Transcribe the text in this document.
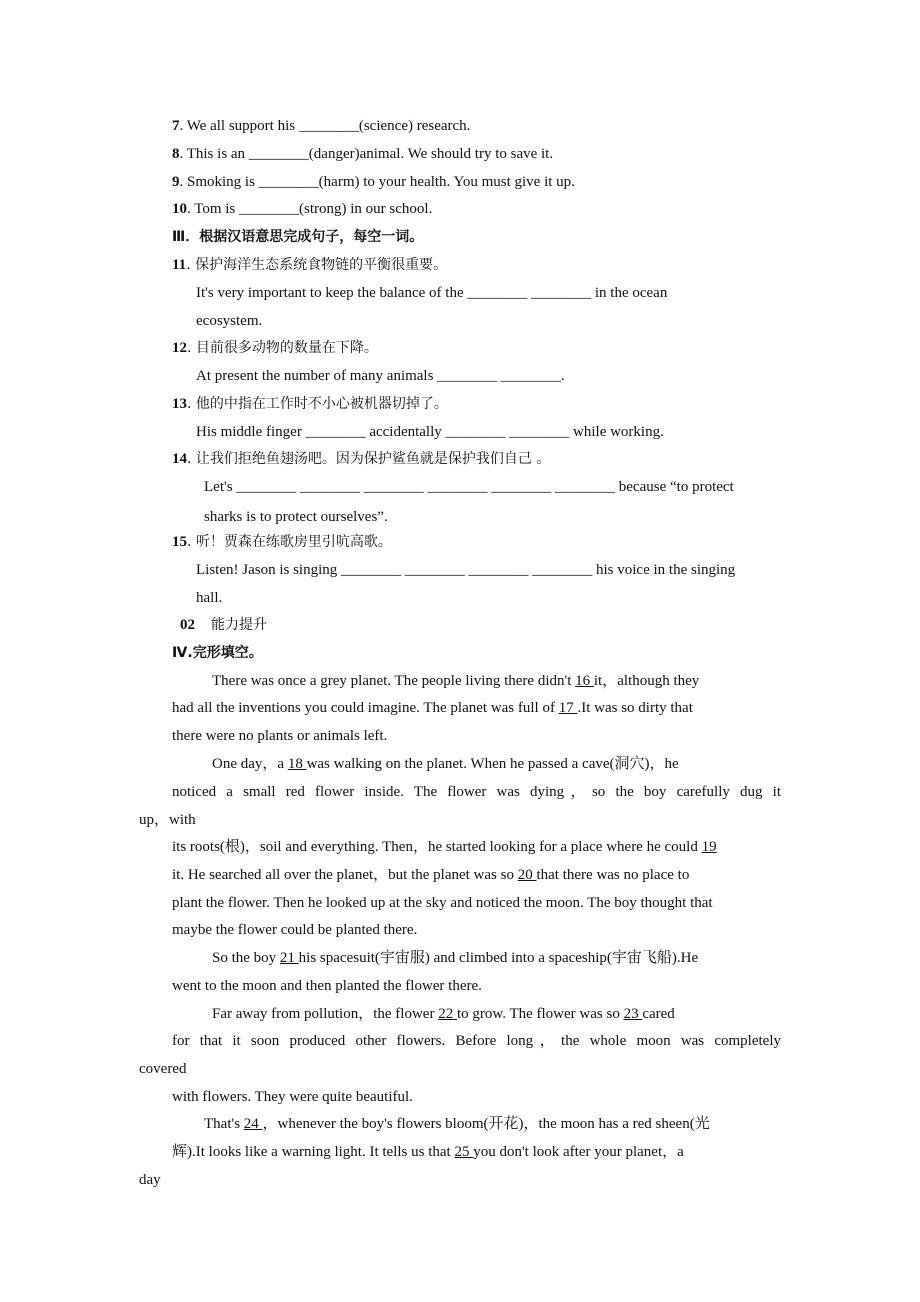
7. We all support his ________(science) research.
8. This is an ________(danger)animal. We should try to save it.
9. Smoking is ________(harm) to your health. You must give it up.
10. Tom is ________(strong) in our school.
Ⅲ．根据汉语意思完成句子，每空一词。
11. 保护海洋生态系统食物链的平衡很重要。
It's very important to keep the balance of the ________ ________ in the ocean
ecosystem.
12. 目前很多动物的数量在下降。
At present the number of many animals ________ ________.
13. 他的中指在工作时不小心被机器切掉了。
His middle finger ________ accidentally ________ ________ while working.
14. 让我们拒绝鱼翅汤吧。因为保护鲨鱼就是保护我们自己 。
Let's ________ ________ ________ ________ ________ ________ because “to protect
sharks is to protect ourselves”.
15. 听！贾森在练歌房里引吭高歌。
Listen! Jason is singing ________ ________ ________ ________ his voice in the singing
hall.
02 能力提升
Ⅳ.完形填空。
There was once a grey planet. The people living there didn't 16 it，although they
had all the inventions you could imagine. The planet was full of 17 .It was so dirty that
there were no plants or animals left.
One day，a 18 was walking on the planet. When he passed a cave(洞穴)，he
noticed a small red flower inside. The flower was dying，so the boy carefully dug it
up，with
its roots(根)，soil and everything. Then，he started looking for a place where he could 19
it. He searched all over the planet，but the planet was so 20 that there was no place to
plant the flower. Then he looked up at the sky and noticed the moon. The boy thought that
maybe the flower could be planted there.
So the boy 21 his spacesuit(宇宙服) and climbed into a spaceship(宇宙飞船).He
went to the moon and then planted the flower there.
Far away from pollution，the flower 22 to grow. The flower was so 23 cared
for that it soon produced other flowers. Before long，the whole moon was completely
covered
with flowers. They were quite beautiful.
That's 24 ，whenever the boy's flowers bloom(开花)，the moon has a red sheen(光
辉).It looks like a warning light. It tells us that 25 you don't look after your planet，a
day
